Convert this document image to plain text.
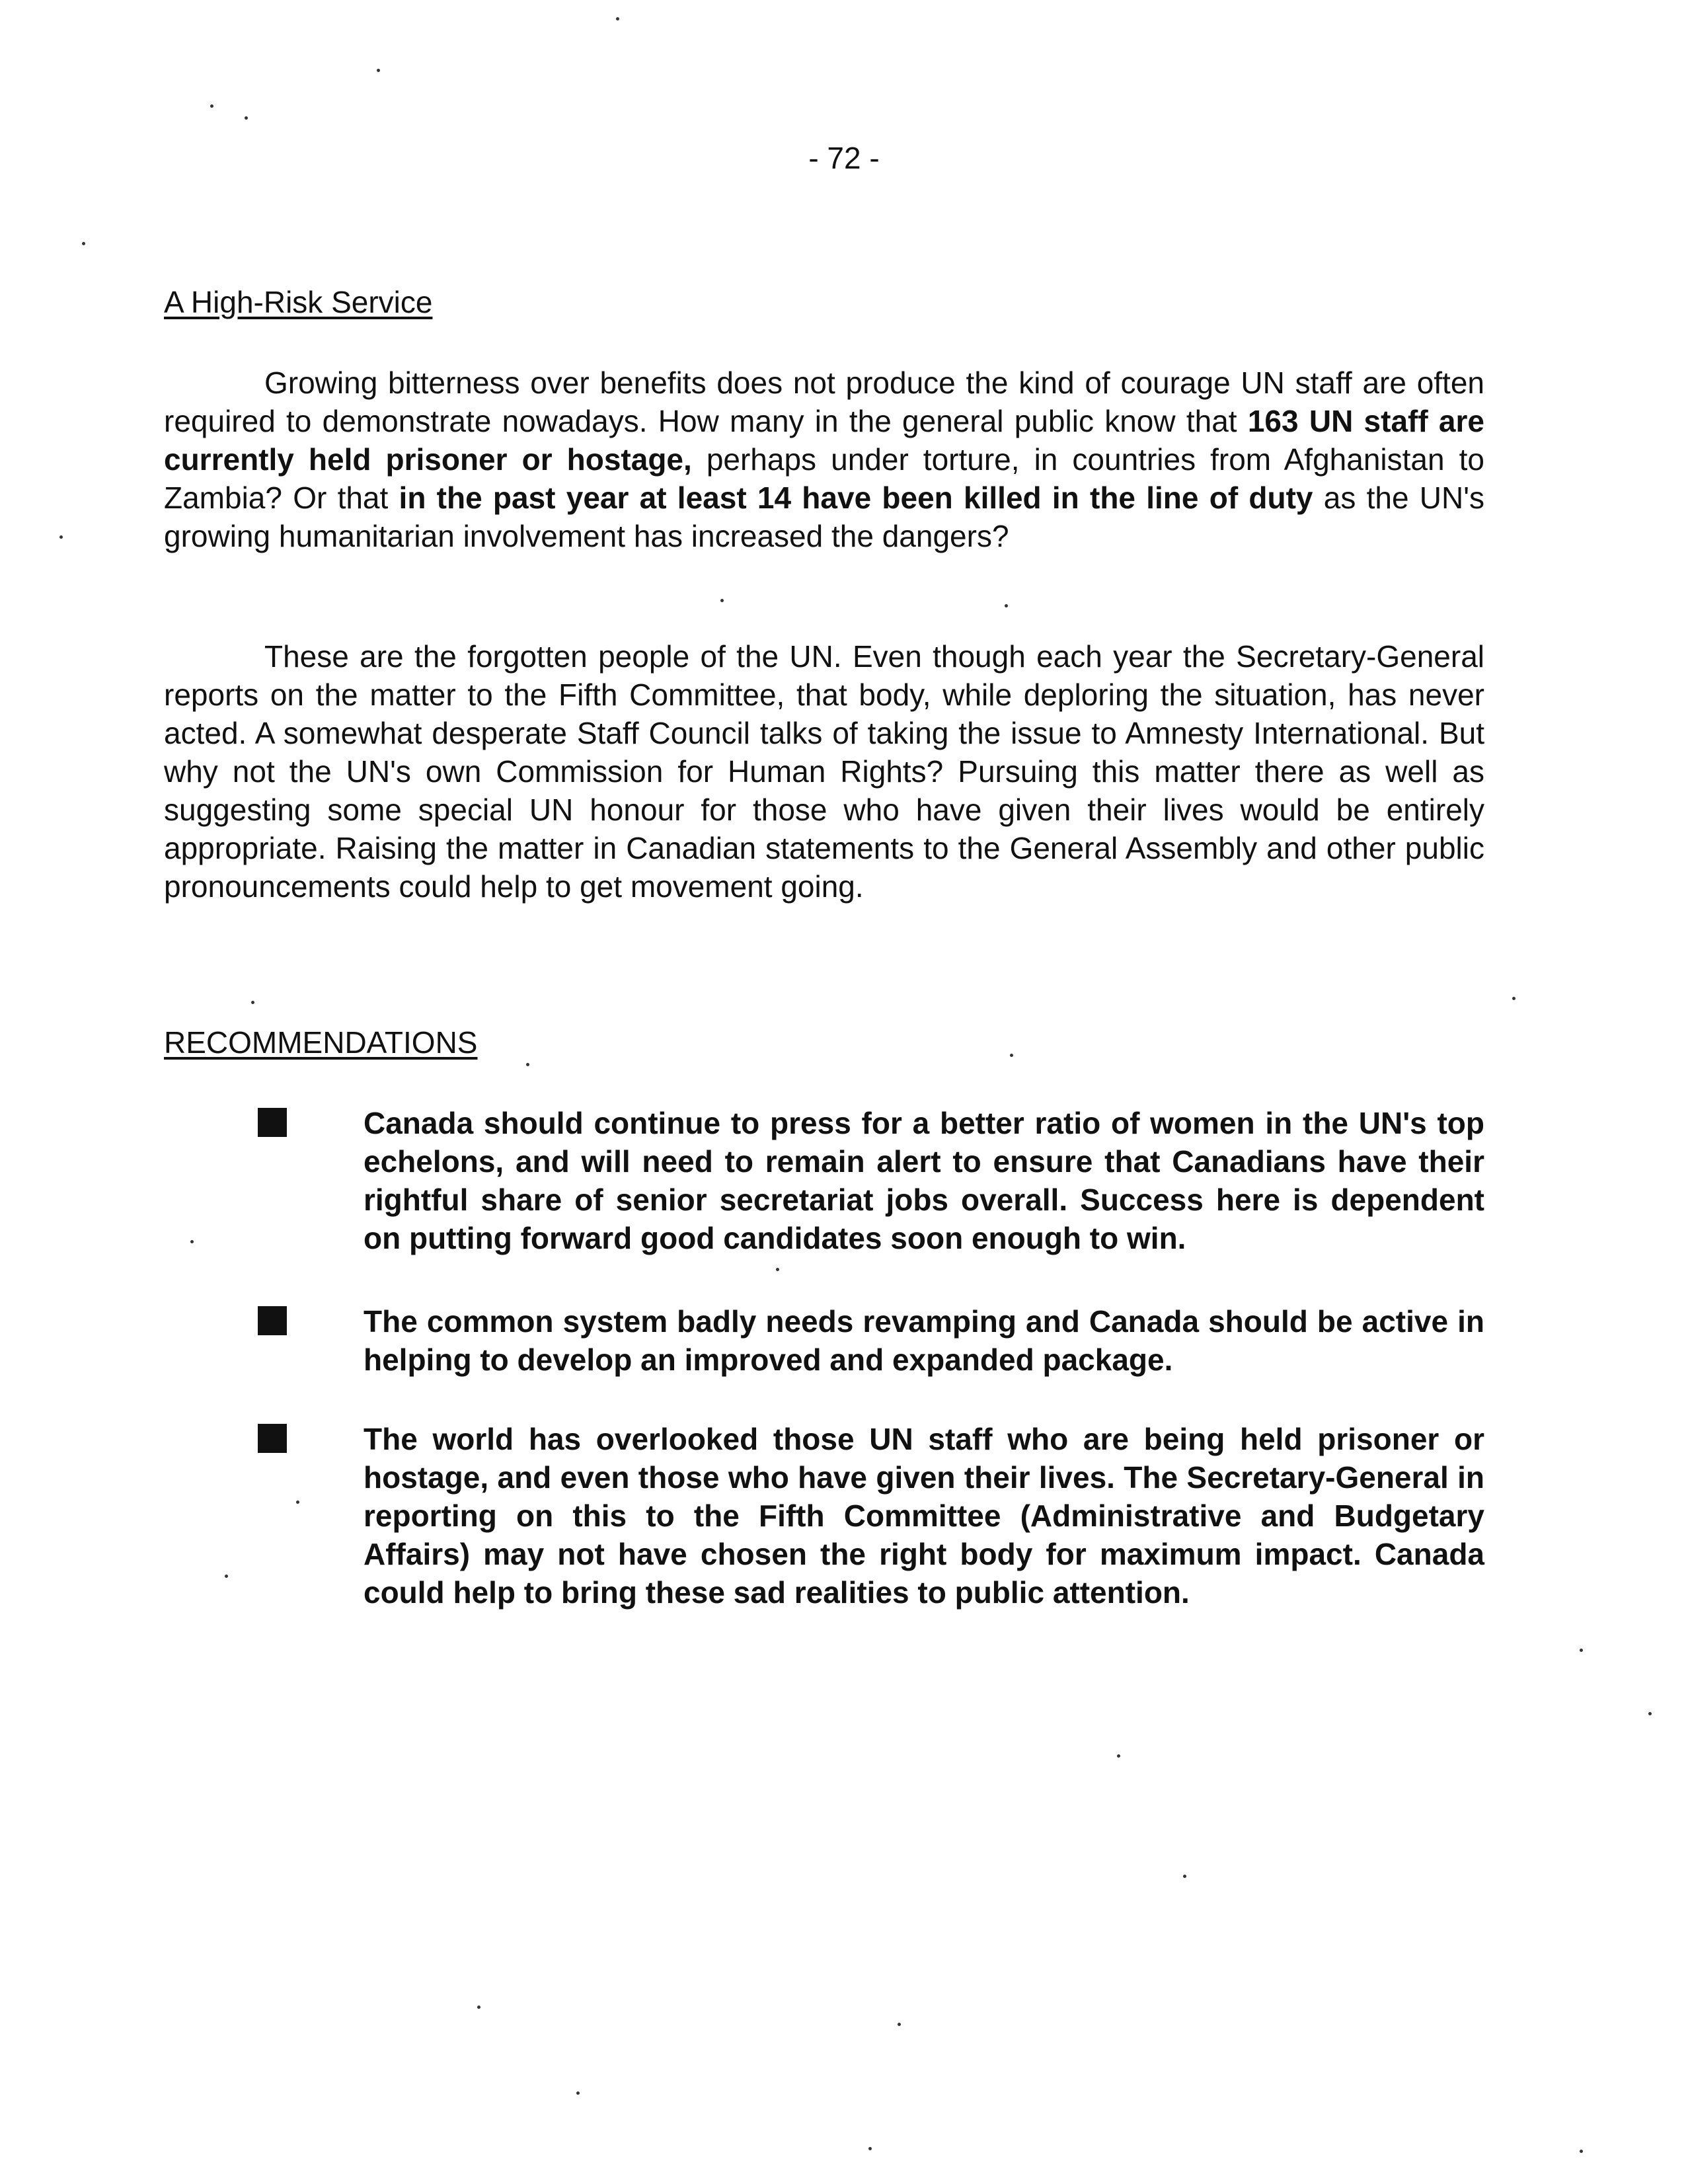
- 72 -
A High-Risk Service
Growing bitterness over benefits does not produce the kind of courage UN staff are often required to demonstrate nowadays. How many in the general public know that 163 UN staff are currently held prisoner or hostage, perhaps under torture, in countries from Afghanistan to Zambia? Or that in the past year at least 14 have been killed in the line of duty as the UN's growing humanitarian involvement has increased the dangers?
These are the forgotten people of the UN. Even though each year the Secretary-General reports on the matter to the Fifth Committee, that body, while deploring the situation, has never acted. A somewhat desperate Staff Council talks of taking the issue to Amnesty International. But why not the UN's own Commission for Human Rights? Pursuing this matter there as well as suggesting some special UN honour for those who have given their lives would be entirely appropriate. Raising the matter in Canadian statements to the General Assembly and other public pronouncements could help to get movement going.
RECOMMENDATIONS
Canada should continue to press for a better ratio of women in the UN's top echelons, and will need to remain alert to ensure that Canadians have their rightful share of senior secretariat jobs overall. Success here is dependent on putting forward good candidates soon enough to win.
The common system badly needs revamping and Canada should be active in helping to develop an improved and expanded package.
The world has overlooked those UN staff who are being held prisoner or hostage, and even those who have given their lives. The Secretary-General in reporting on this to the Fifth Committee (Administrative and Budgetary Affairs) may not have chosen the right body for maximum impact. Canada could help to bring these sad realities to public attention.
